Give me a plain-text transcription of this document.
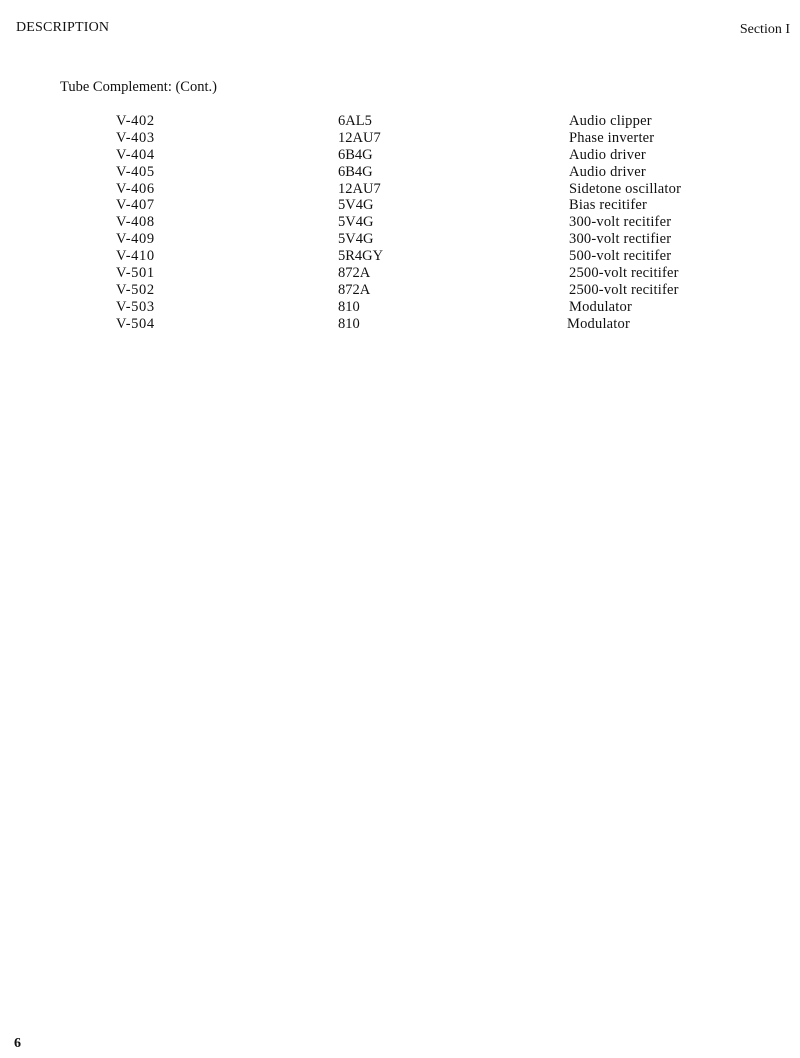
DESCRIPTION	Section I
Tube Complement: (Cont.)
V-402	6AL5	Audio clipper
V-403	12AU7	Phase inverter
V-404	6B4G	Audio driver
V-405	6B4G	Audio driver
V-406	12AU7	Sidetone oscillator
V-407	5V4G	Bias recitifer
V-408	5V4G	300-volt recitifer
V-409	5V4G	300-volt rectifier
V-410	5R4GY	500-volt recitifer
V-501	872A	2500-volt recitifer
V-502	872A	2500-volt recitifer
V-503	810	Modulator
V-504	810	Modulator
6
